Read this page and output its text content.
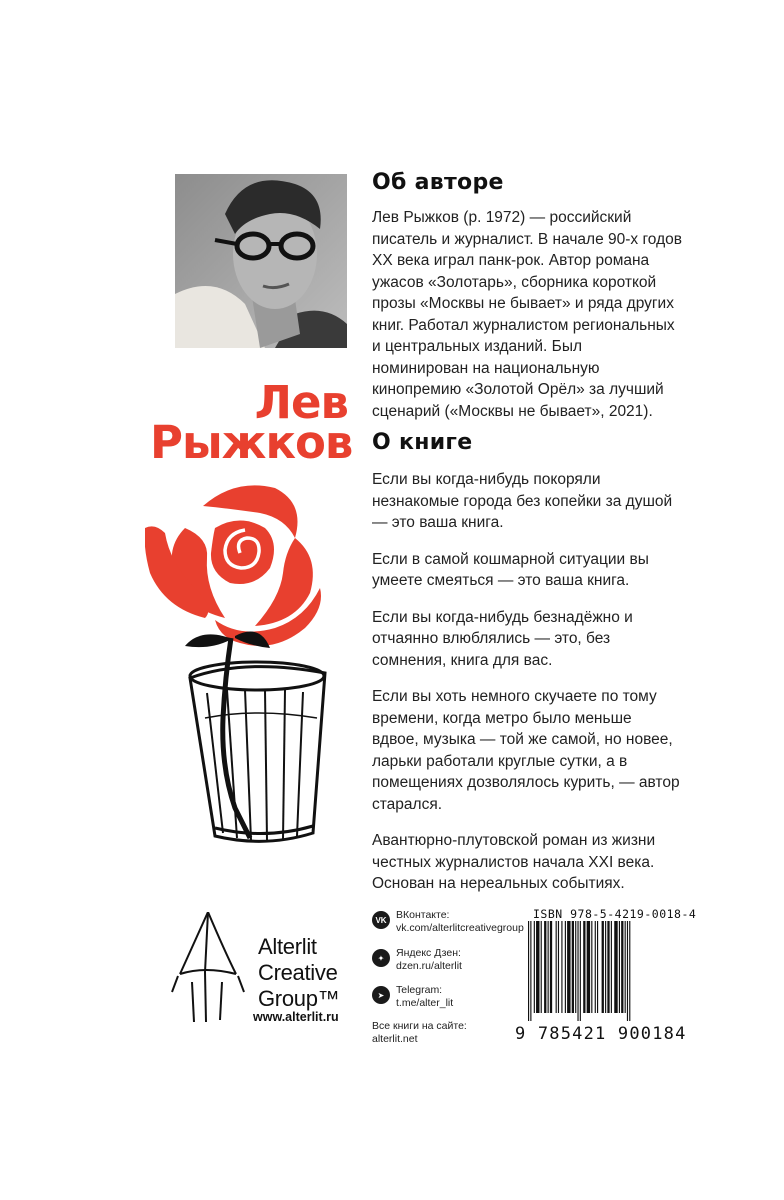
Лев
Рыжков
Об авторе
Лев Рыжков (р. 1972) — российский писатель и журналист. В начале 90-х годов XX века играл панк-рок. Автор романа ужасов «Золотарь», сборника короткой прозы «Москвы не бывает» и ряда других книг. Работал журналистом региональных и центральных изданий. Был номинирован на национальную кинопремию «Золотой Орёл» за лучший сценарий («Москвы не бывает», 2021).
О книге

Если вы когда-нибудь покоряли незнакомые города без копейки за душой — это ваша книга.

Если в самой кошмарной ситуации вы умеете смеяться — это ваша книга.

Если вы когда-нибудь безнадёжно и отчаянно влюблялись — это, без сомнения, книга для вас.

Если вы хоть немного скучаете по тому времени, когда метро было меньше вдвое, музыка — той же самой, но новее, ларьки работали круглые сутки, а в помещениях дозволялось курить, — автор старался.

Авантюрно-плутовской роман из жизни честных журналистов начала XXI века. Основан на нереальных событиях.

Alterlit
Creative
Group™
www.alterlit.ru
VK ВКонтакте:
vk.com/alterlitcreativegroup
✦	Яндекс Дзен:
dzen.ru/alterlit
➤	Telegram:
t.me/alter_lit
Все книги на сайте:
alterlit.net
ISBN 978-5-4219-0018-4
9 785421 900184
